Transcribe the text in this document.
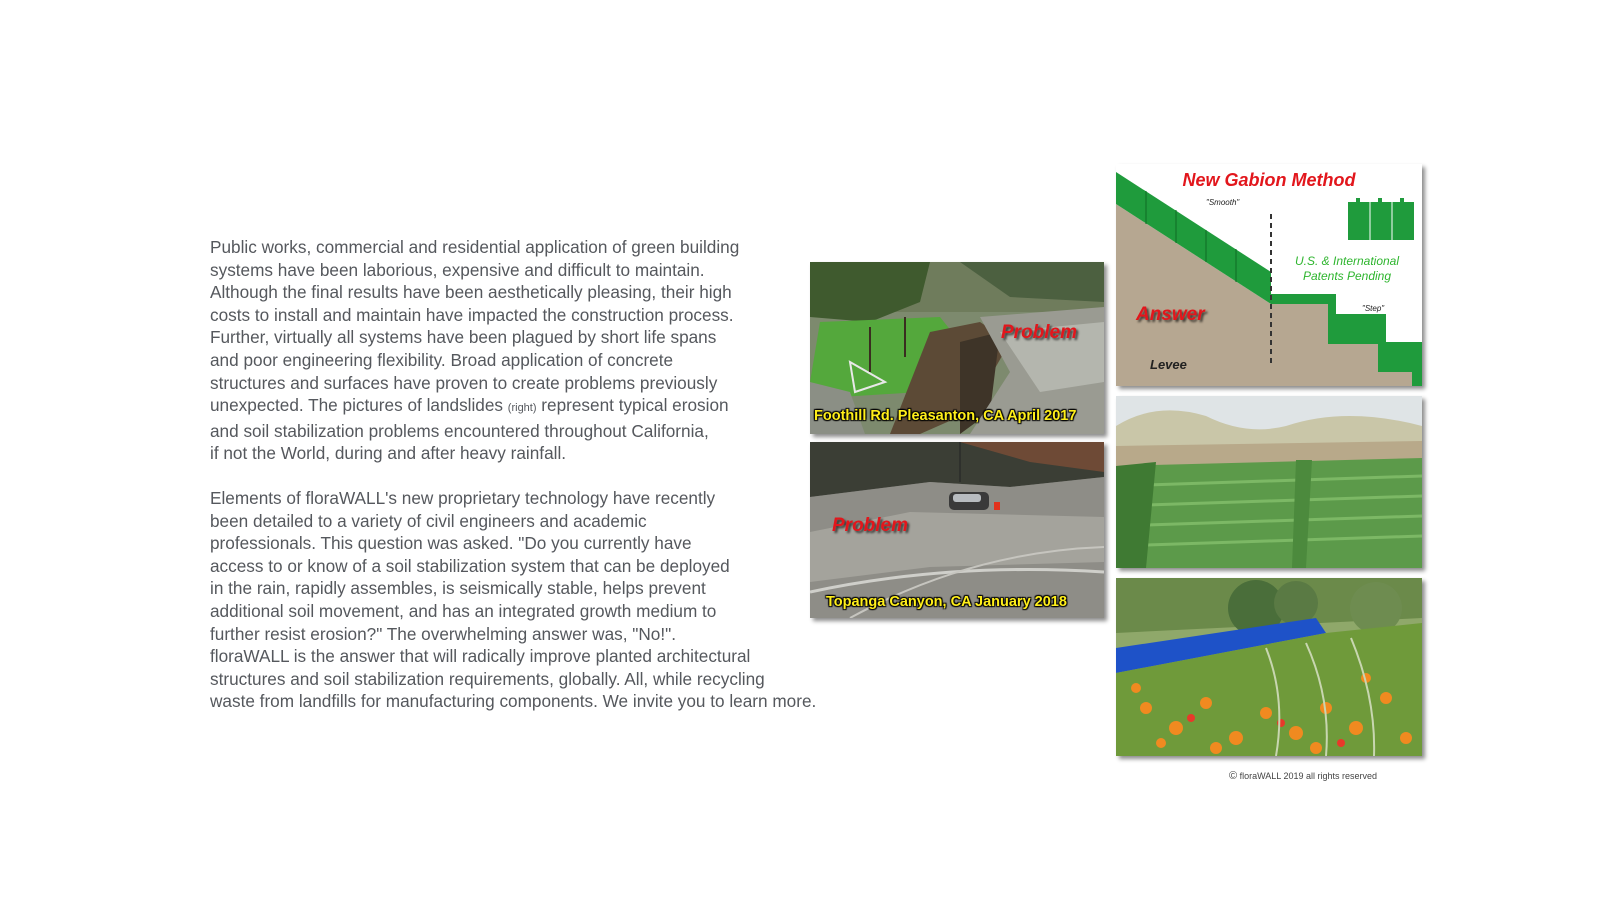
Public works, commercial and residential application of green building
systems have been laborious, expensive and difficult to maintain.
Although the final results have been aesthetically pleasing, their high
costs to install and maintain have impacted the construction process.
Further, virtually all systems have been plagued by short life spans
and poor engineering flexibility. Broad application of concrete
structures and surfaces have proven to create problems previously
unexpected. The pictures of landslides (right) represent typical erosion
and soil stabilization problems encountered throughout California,
if not the World, during and after heavy rainfall.

Elements of floraWALL's new proprietary technology have recently
been detailed to a variety of civil engineers and academic
professionals. This question was asked. "Do you currently have
access to or know of a soil stabilization system that can be deployed
in the rain, rapidly assembles, is seismically stable, helps prevent
additional soil movement, and has an integrated growth medium to
further resist erosion?" The overwhelming answer was, "No!".
floraWALL is the answer that will radically improve planted architectural
structures and soil stabilization requirements, globally. All, while recycling
waste from landfills for manufacturing components. We invite you to learn more.

Problem
Foothill Rd. Pleasanton, CA April 2017
Problem
Topanga Canyon, CA January 2018
New Gabion Method
"Smooth"
"Step"
U.S. & International
Patents Pending
Answer
Levee
© floraWALL 2019 all rights reserved
